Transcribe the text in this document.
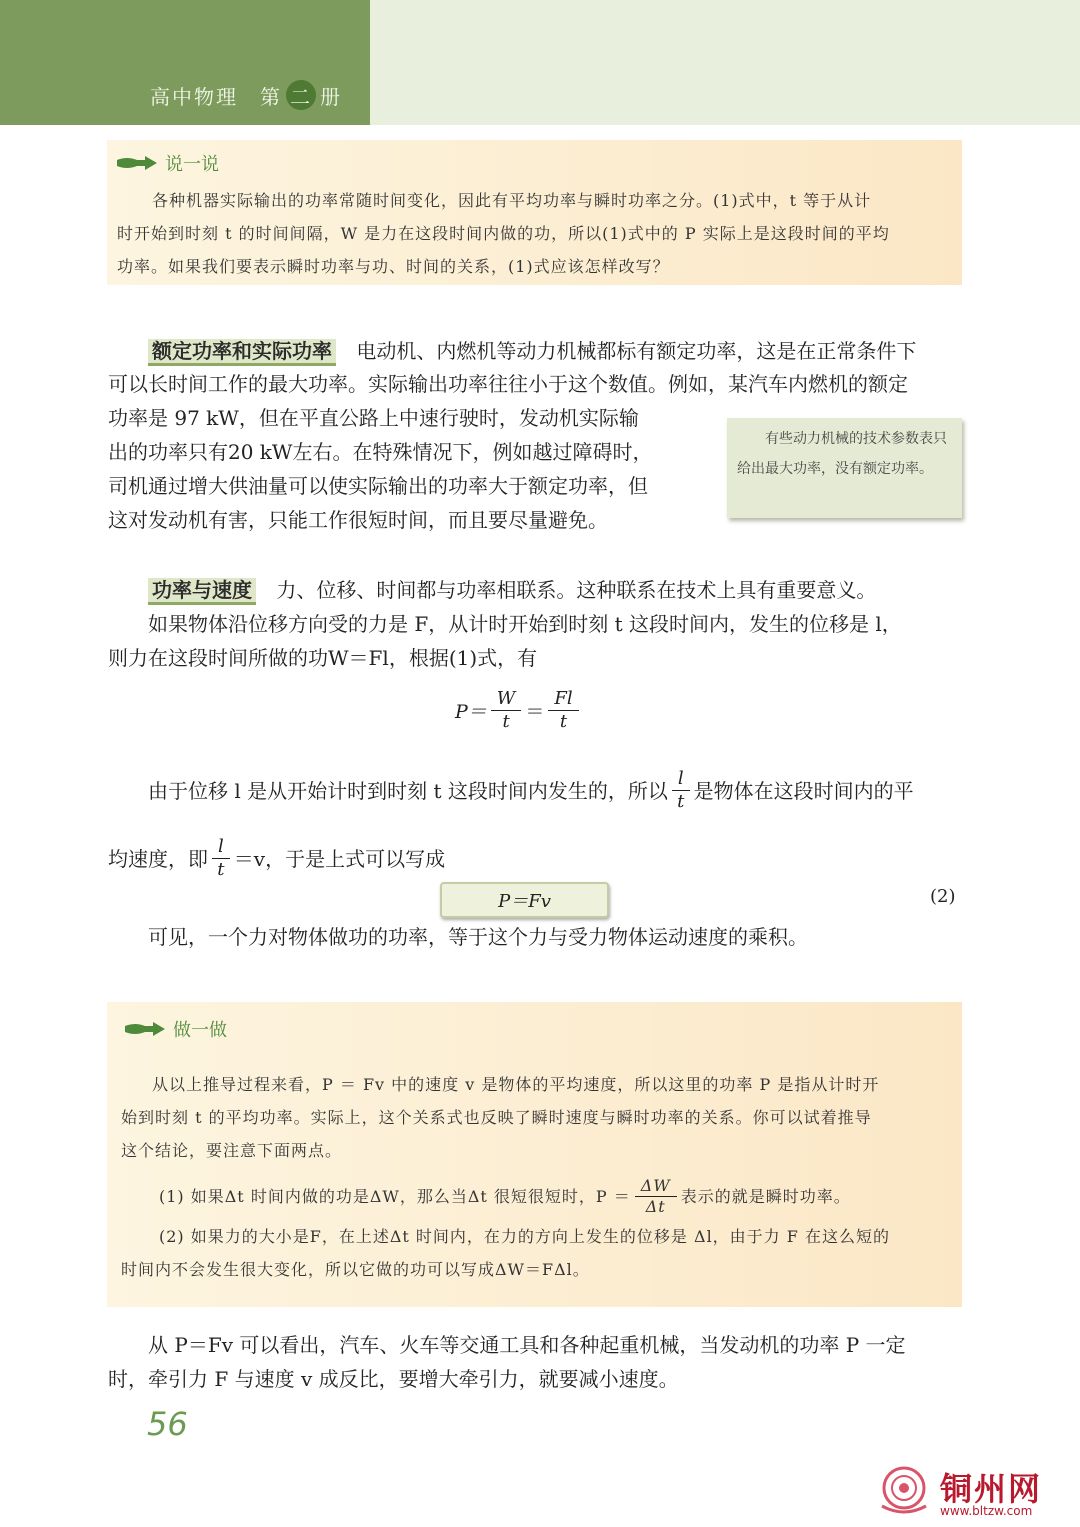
高中物理 第 二 册
说一说
各种机器实际输出的功率常随时间变化，因此有平均功率与瞬时功率之分。(1)式中，t 等于从计
时开始到时刻 t 的时间间隔，W 是力在这段时间内做的功，所以(1)式中的 P 实际上是这段时间的平均
功率。如果我们要表示瞬时功率与功、时间的关系，(1)式应该怎样改写？
额定功率和实际功率 电动机、内燃机等动力机械都标有额定功率，这是在正常条件下
可以长时间工作的最大功率。实际输出功率往往小于这个数值。例如，某汽车内燃机的额定
功率是 97 kW，但在平直公路上中速行驶时，发动机实际输
出的功率只有20 kW左右。在特殊情况下，例如越过障碍时，
司机通过增大供油量可以使实际输出的功率大于额定功率，但
这对发动机有害，只能工作很短时间，而且要尽量避免。
有些动力机械的技术参数表只给出最大功率，没有额定功率。
功率与速度 力、位移、时间都与功率相联系。这种联系在技术上具有重要意义。
如果物体沿位移方向受的力是 F，从计时开始到时刻 t 这段时间内，发生的位移是 l，
则力在这段时间所做的功W＝Fl，根据(1)式，有
$P= \frac{W}{t} = \frac{Fl}{t}$
由于位移 l 是从开始计时到时刻 t 这段时间内发生的，所以 $\frac{l}{t}$ 是物体在这段时间内的平
均速度，即 $\frac{l}{t} =v$，于是上式可以写成
P＝Fv	(2)
可见，一个力对物体做功的功率，等于这个力与受力物体运动速度的乘积。
做一做
从以上推导过程来看，P ＝ Fv 中的速度 v 是物体的平均速度，所以这里的功率 P 是指从计时开
始到时刻 t 的平均功率。实际上，这个关系式也反映了瞬时速度与瞬时功率的关系。你可以试着推导
这个结论，要注意下面两点。
(1) 如果Δt 时间内做的功是ΔW，那么当Δt 很短很短时，$P = \frac{\Delta W}{\Delta t}$ 表示的就是瞬时功率。
(2) 如果力的大小是F，在上述Δt 时间内，在力的方向上发生的位移是 Δl，由于力 F 在这么短的
时间内不会发生很大变化，所以它做的功可以写成ΔW＝FΔl。
从 P＝Fv 可以看出，汽车、火车等交通工具和各种起重机械，当发动机的功率 P 一定
时，牵引力 F 与速度 v 成反比，要增大牵引力，就要减小速度。
56
铜州网
www.bltzw.com
